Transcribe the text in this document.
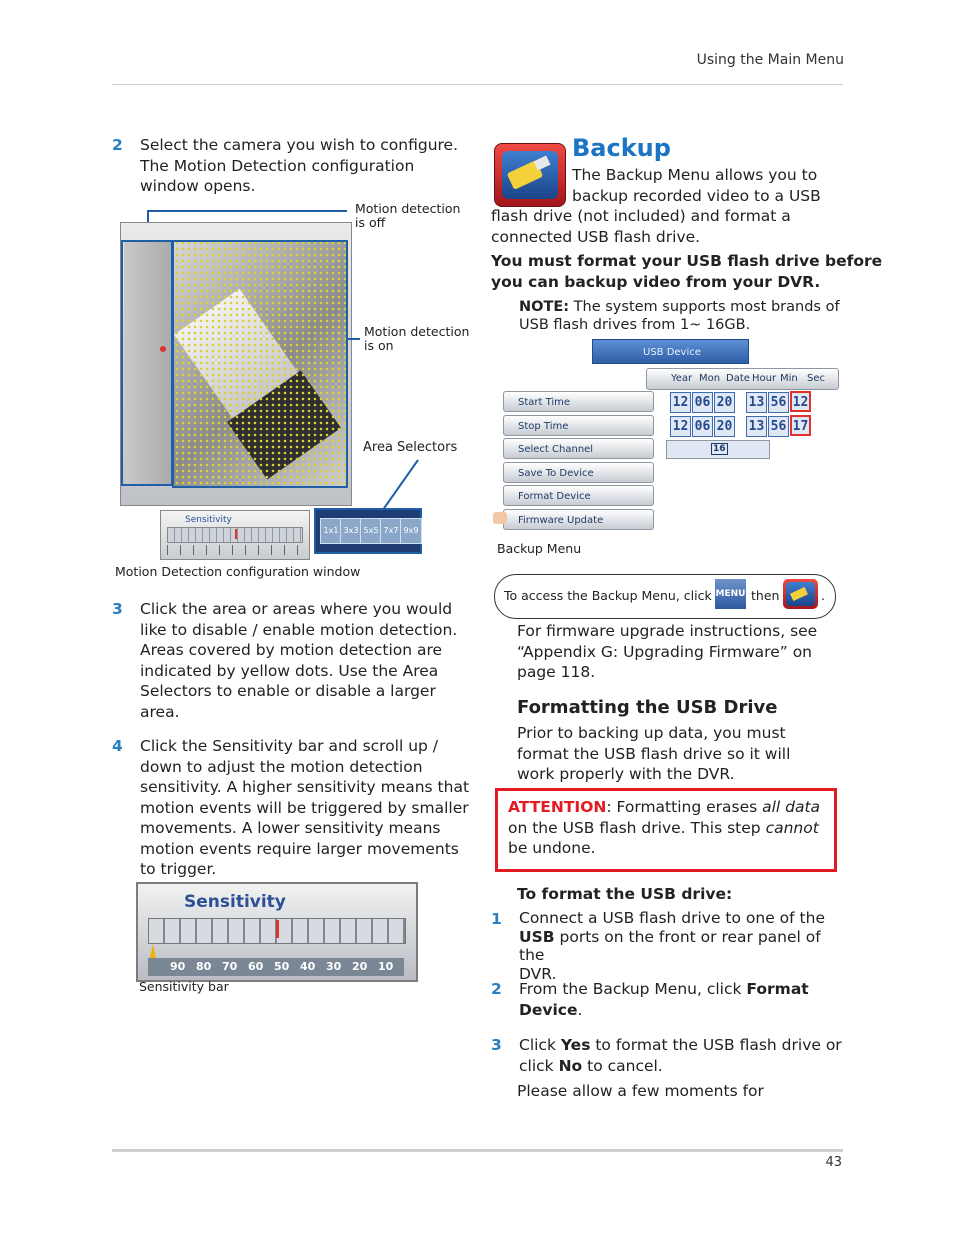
Using the Main Menu
2 Select the camera you wish to configure.
The Motion Detection configuration
window opens.
Motion detection
is off
Motion detection
is on
Area Selectors
Sensitivity
1x1 3x3 5x5 7x7 9x9
Motion Detection configuration window
3 Click the area or areas where you would
like to disable / enable motion detection.
Areas covered by motion detection are
indicated by yellow dots. Use the Area
Selectors to enable or disable a larger
area.
4 Click the Sensitivity bar and scroll up /
down to adjust the motion detection
sensitivity. A higher sensitivity means that
motion events will be triggered by smaller
movements. A lower sensitivity means
motion events require larger movements
to trigger.
Sensitivity
90 80 70 60 50 40 30 20 10
Sensitivity bar
Backup
The Backup Menu allows you to
backup recorded video to a USB
flash drive (not included) and format a
connected USB flash drive.
You must format your USB flash drive before
you can backup video from your DVR.
NOTE: The system supports most brands of
USB flash drives from 1~ 16GB.
USB Device
Year Mon Date Hour Min Sec
Start Time
Stop Time
Select Channel
Save To Device
Format Device
Firmware Update
12 06 20 13 56 12
12 06 20 13 56 17
16
Backup Menu
To access the Backup Menu, click MENU then	.
For firmware upgrade instructions, see
“Appendix G: Upgrading Firmware” on
page 118.
Formatting the USB Drive
Prior to backing up data, you must
format the USB flash drive so it will
work properly with the DVR.
ATTENTION: Formatting erases all data
on the USB flash drive. This step cannot
be undone.
To format the USB drive:
1 Connect a USB flash drive to one of the
USB ports on the front or rear panel of the
DVR.
2 From the Backup Menu, click Format
Device.
3 Click Yes to format the USB flash drive or
click No to cancel.
Please allow a few moments for
43
